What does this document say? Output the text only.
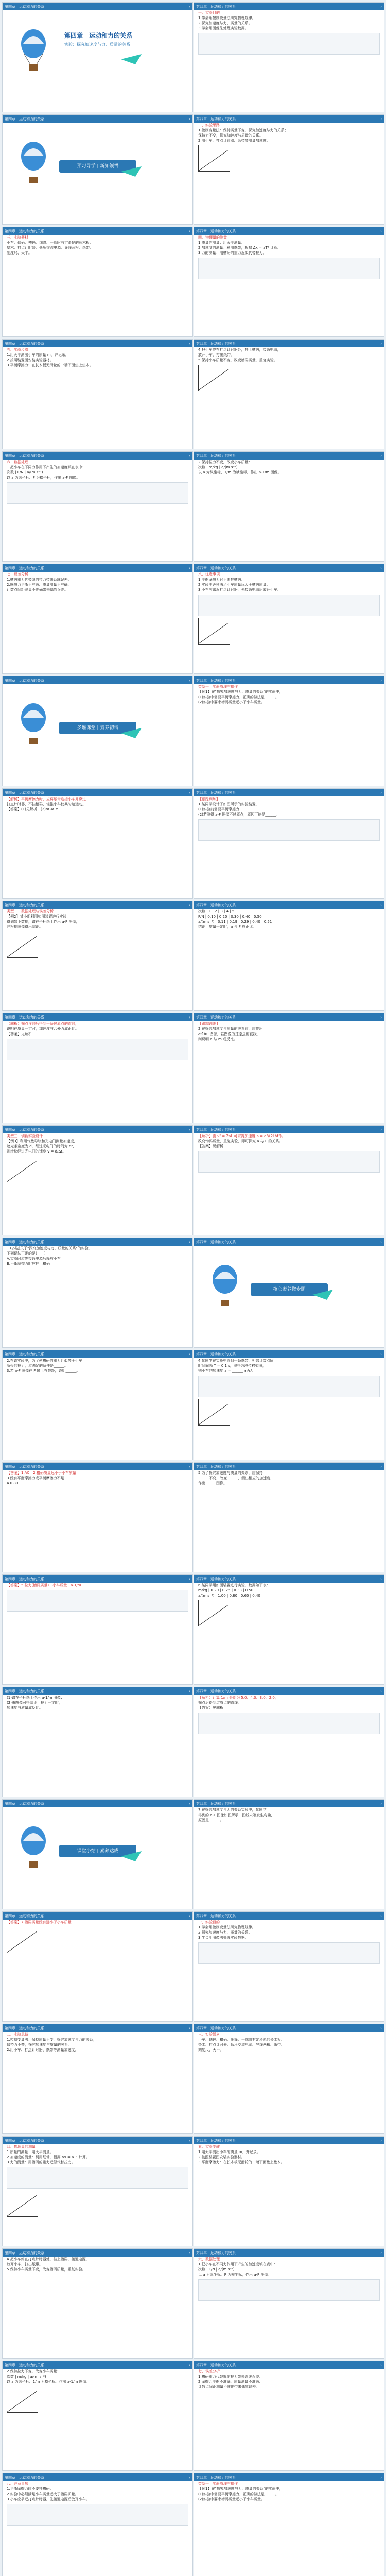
第四章　运动和力的关系	›
第四章　运动和力的关系
实验：探究加速度与力、质量的关系
第四章　运动和力的关系	›
一、实验目的
1.学会用控制变量法研究物理规律。
2.探究加速度与力、质量的关系。
3.学会用图像法处理实验数据。
第四章　运动和力的关系	›
预习导学 | 新知领悟
第四章　运动和力的关系	›
二、实验思路
1.控制变量法：保持质量不变，探究加速度与力的关系；
保持力不变，探究加速度与质量的关系。
2.用小车、打点计时器、纸带等测量加速度。
第四章　运动和力的关系	›
三、实验器材
小车、砝码、槽码、细绳、一端附有定滑轮的长木板、
垫木、打点计时器、低压交流电源、导线两根、纸带、
刻度尺、天平。
第四章　运动和力的关系	›
四、物理量的测量
1.质量的测量：用天平测量。
2.加速度的测量：利用纸带，根据 Δx = aT² 计算。
3.力的测量：用槽码的重力近似代替拉力。
第四章　运动和力的关系	›
五、实验步骤
1.用天平测出小车的质量 m，并记录。
2.按照装置图安装实验器材。
3.平衡摩擦力：在长木板无滑轮的一端下面垫上垫木。
第四章　运动和力的关系	›
4.把小车停在打点计时器处，挂上槽码，接通电源，
放开小车，打出纸带。
5.保持小车质量不变，改变槽码质量，重复实验。
第四章　运动和力的关系	›
六、数据处理
1.把小车在不同力作用下产生的加速度填在表中：
次数 | F/N | a/(m·s⁻²)
以 a 为纵坐标、F 为横坐标，作出 a-F 图像。
第四章　运动和力的关系	›
2.保持拉力不变，改变小车质量：
次数 | m/kg | a/(m·s⁻²)
以 a 为纵坐标、1/m 为横坐标，作出 a-1/m 图像。
第四章　运动和力的关系	›
七、误差分析
1.槽码重力代替绳的拉力带来系统误差。
2.摩擦力平衡不准确、质量测量不准确、
计数点间距测量不准确带来偶然误差。
第四章　运动和力的关系	›
八、注意事项
1.平衡摩擦力时不要挂槽码。
2.实验中必须满足小车质量远大于槽码质量。
3.小车应靠近打点计时器，先接通电源后放开小车。
第四章　运动和力的关系	›
多维课堂 | 素养初培
第四章　运动和力的关系	›
类型一　实验原理与操作
【例1】在"探究加速度与力、质量的关系"的实验中，
(1)实验中需要平衡摩擦力，正确的做法是______。
(2)实验中要求槽码质量远小于小车质量。
第四章　运动和力的关系	›
【解析】平衡摩擦力时，应将纸带连接小车并穿过
打点计时器，不挂槽码，轻推小车使其匀速运动。
【答案】(1)见解析　(2)m ≪ M
第四章　运动和力的关系	›
【跟踪训练】
1.某同学设计了如图所示的实验装置，
(1)实验前需要平衡摩擦力；
(2)若测得 a-F 图像不过原点，原因可能是______。
第四章　运动和力的关系	›
类型二　数据处理与误差分析
【例2】某小组利用如图装置进行实验，
得到如下数据，请在坐标纸上作出 a-F 图像，
并根据图像得出结论。
第四章　运动和力的关系	›
次数 | 1 | 2 | 3 | 4 | 5
F/N | 0.10 | 0.20 | 0.30 | 0.40 | 0.50
a/(m·s⁻²) | 0.11 | 0.19 | 0.29 | 0.40 | 0.51
结论：质量一定时，a 与 F 成正比。
第四章　运动和力的关系	›
【解析】描点连线后得到一条过原点的直线，
说明在质量一定时，加速度与合外力成正比。
【答案】见解析
第四章　运动和力的关系	›
【跟踪训练】
2.在探究加速度与质量的关系时，应作出
a-1/m 图像，若图像为过原点的直线，
则说明 a 与 m 成反比。
第四章　运动和力的关系	›
类型三　创新实验设计
【例3】利用气垫导轨和光电门测量加速度，
遮光条宽度为 d，经过光电门的时间为 Δt，
则滑块经过光电门的速度 v = d/Δt。
第四章　运动和力的关系	›
【解析】由 v² = 2aL 可求得加速度 a = d²/(2LΔt²)。
改变钩码质量，重复实验，即可探究 a 与 F 的关系。
【答案】见解析
第四章　运动和力的关系	›
1.(多选)关于"探究加速度与力、质量的关系"的实验，
下列说法正确的是(　　)
A.实验时应先接通电源后释放小车
B.平衡摩擦力时应挂上槽码
第四章　运动和力的关系	›
核心素养微专题
第四章　运动和力的关系	›
2.在该实验中，为了使槽码的重力近似等于小车
所受的拉力，应满足的条件是______。
3.若 a-F 图像在 F 轴上有截距，说明______。
第四章　运动和力的关系	›
4.某同学在实验中得到一条纸带，相邻计数点间
时间间隔 T = 0.1 s，测得各段位移如图，
则小车的加速度 a = ______ m/s²。
第四章　运动和力的关系	›
【答案】1.AC　2.槽码质量远小于小车质量
3.没有平衡摩擦力或平衡摩擦力不足
4.0.80
第四章　运动和力的关系	›
5.为了探究加速度与质量的关系，应保持
______不变，改变______，测出相应的加速度，
作出______图像。
第四章　运动和力的关系	›
【答案】5.拉力(槽码质量)　小车质量　a-1/m
第四章　运动和力的关系	›
6.某同学用如图装置进行实验，数据如下表：
m/kg | 0.20 | 0.25 | 0.33 | 0.50
a/(m·s⁻²) | 1.00 | 0.80 | 0.60 | 0.40
第四章　运动和力的关系	›
(1)请在坐标纸上作出 a-1/m 图像；
(2)由图像可得结论：拉力一定时，
加速度与质量成反比。
第四章　运动和力的关系	›
【解析】计算 1/m 分别为 5.0、4.0、3.0、2.0，
描点后得到过原点的直线。
【答案】见解析
第四章　运动和力的关系	›
课堂小结 | 素养达成
第四章　运动和力的关系	›
7.在探究加速度与力的关系实验中，某同学
得到的 a-F 图像如图所示，图线末端发生弯曲，
原因是______。
第四章　运动和力的关系	›
【答案】7.槽码质量没有远小于小车质量
第四章　运动和力的关系	›
一、实验目的
1.学会用控制变量法研究物理规律。
2.探究加速度与力、质量的关系。
3.学会用图像法处理实验数据。
第四章　运动和力的关系	›
二、实验思路
1.控制变量法：保持质量不变，探究加速度与力的关系；
保持力不变，探究加速度与质量的关系。
2.用小车、打点计时器、纸带等测量加速度。
第四章　运动和力的关系	›
三、实验器材
小车、砝码、槽码、细绳、一端附有定滑轮的长木板、
垫木、打点计时器、低压交流电源、导线两根、纸带、
刻度尺、天平。
第四章　运动和力的关系	›
四、物理量的测量
1.质量的测量：用天平测量。
2.加速度的测量：利用纸带，根据 Δx = aT² 计算。
3.力的测量：用槽码的重力近似代替拉力。
第四章　运动和力的关系	›
五、实验步骤
1.用天平测出小车的质量 m，并记录。
2.按照装置图安装实验器材。
3.平衡摩擦力：在长木板无滑轮的一端下面垫上垫木。
第四章　运动和力的关系	›
4.把小车停在打点计时器处，挂上槽码，接通电源，
放开小车，打出纸带。
5.保持小车质量不变，改变槽码质量，重复实验。
第四章　运动和力的关系	›
六、数据处理
1.把小车在不同力作用下产生的加速度填在表中：
次数 | F/N | a/(m·s⁻²)
以 a 为纵坐标、F 为横坐标，作出 a-F 图像。
第四章　运动和力的关系	›
2.保持拉力不变，改变小车质量：
次数 | m/kg | a/(m·s⁻²)
以 a 为纵坐标、1/m 为横坐标，作出 a-1/m 图像。
第四章　运动和力的关系	›
七、误差分析
1.槽码重力代替绳的拉力带来系统误差。
2.摩擦力平衡不准确、质量测量不准确、
计数点间距测量不准确带来偶然误差。
第四章　运动和力的关系	›
八、注意事项
1.平衡摩擦力时不要挂槽码。
2.实验中必须满足小车质量远大于槽码质量。
3.小车应靠近打点计时器，先接通电源后放开小车。
第四章　运动和力的关系	›
类型一　实验原理与操作
【例1】在"探究加速度与力、质量的关系"的实验中，
(1)实验中需要平衡摩擦力，正确的做法是______。
(2)实验中要求槽码质量远小于小车质量。
